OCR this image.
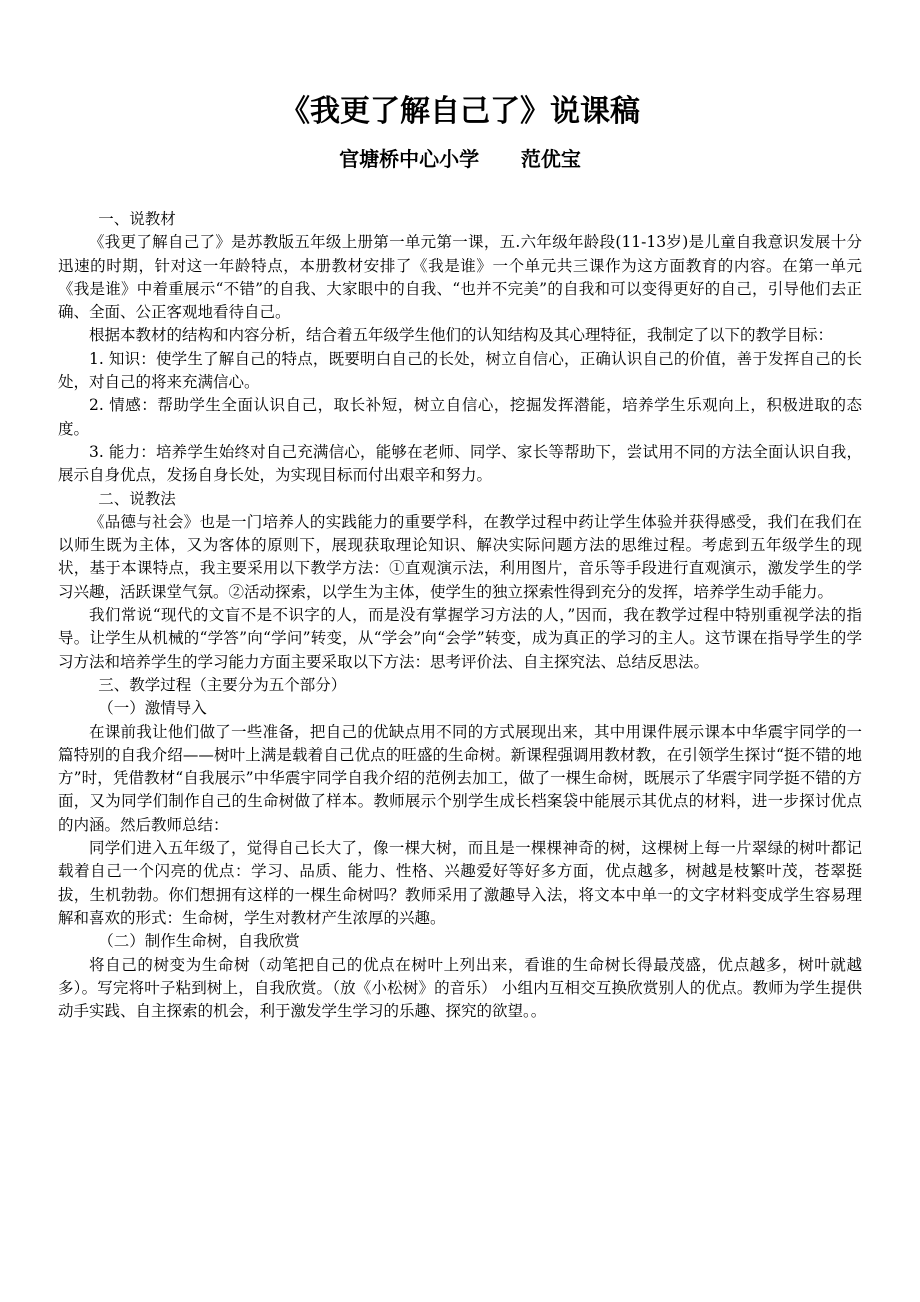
《我更了解自己了》说课稿
官塘桥中心小学      范优宝

一、说教材

《我更了解自己了》是苏教版五年级上册第一单元第一课，五.六年级年龄段(11-13岁)是儿童自我意识发展十分迅速的时期，针对这一年龄特点，本册教材安排了《我是谁》一个单元共三课作为这方面教育的内容。在第一单元《我是谁》中着重展示“不错”的自我、大家眼中的自我、“也并不完美”的自我和可以变得更好的自己，引导他们去正确、全面、公正客观地看待自己。

根据本教材的结构和内容分析，结合着五年级学生他们的认知结构及其心理特征，我制定了以下的教学目标：

1. 知识：使学生了解自己的特点，既要明白自己的长处，树立自信心，正确认识自己的价值，善于发挥自己的长处，对自己的将来充满信心。

2. 情感：帮助学生全面认识自己，取长补短，树立自信心，挖掘发挥潜能，培养学生乐观向上，积极进取的态度。

3. 能力：培养学生始终对自己充满信心，能够在老师、同学、家长等帮助下，尝试用不同的方法全面认识自我，展示自身优点，发扬自身长处，为实现目标而付出艰辛和努力。

二、说教法

《品德与社会》也是一门培养人的实践能力的重要学科，在教学过程中药让学生体验并获得感受，我们在我们在以师生既为主体，又为客体的原则下，展现获取理论知识、解决实际问题方法的思维过程。考虑到五年级学生的现状，基于本课特点，我主要采用以下教学方法：①直观演示法，利用图片，音乐等手段进行直观演示，激发学生的学习兴趣，活跃课堂气氛。②活动探索，以学生为主体，使学生的独立探索性得到充分的发挥，培养学生动手能力。

我们常说“现代的文盲不是不识字的人，而是没有掌握学习方法的人，”因而，我在教学过程中特别重视学法的指导。让学生从机械的“学答”向“学问”转变，从“学会”向“会学”转变，成为真正的学习的主人。这节课在指导学生的学习方法和培养学生的学习能力方面主要采取以下方法：思考评价法、自主探究法、总结反思法。

三、教学过程（主要分为五个部分）

（一）激情导入

在课前我让他们做了一些准备，把自己的优缺点用不同的方式展现出来，其中用课件展示课本中华震宇同学的一篇特别的自我介绍——树叶上满是载着自己优点的旺盛的生命树。新课程强调用教材教，在引领学生探讨“挺不错的地方”时，凭借教材“自我展示”中华震宇同学自我介绍的范例去加工，做了一棵生命树，既展示了华震宇同学挺不错的方面，又为同学们制作自己的生命树做了样本。教师展示个别学生成长档案袋中能展示其优点的材料，进一步探讨优点的内涵。然后教师总结：

同学们进入五年级了，觉得自己长大了，像一棵大树，而且是一棵棵神奇的树，这棵树上每一片翠绿的树叶都记载着自己一个闪亮的优点：学习、品质、能力、性格、兴趣爱好等好多方面，优点越多，树越是枝繁叶茂，苍翠挺拔，生机勃勃。你们想拥有这样的一棵生命树吗？教师采用了激趣导入法，将文本中单一的文字材料变成学生容易理解和喜欢的形式：生命树，学生对教材产生浓厚的兴趣。

（二）制作生命树，自我欣赏

将自己的树变为生命树（动笔把自己的优点在树叶上列出来，看谁的生命树长得最茂盛，优点越多，树叶就越多）。写完将叶子粘到树上，自我欣赏。（放《小松树》的音乐） 小组内互相交互换欣赏别人的优点。教师为学生提供动手实践、自主探索的机会，利于激发学生学习的乐趣、探究的欲望。。
